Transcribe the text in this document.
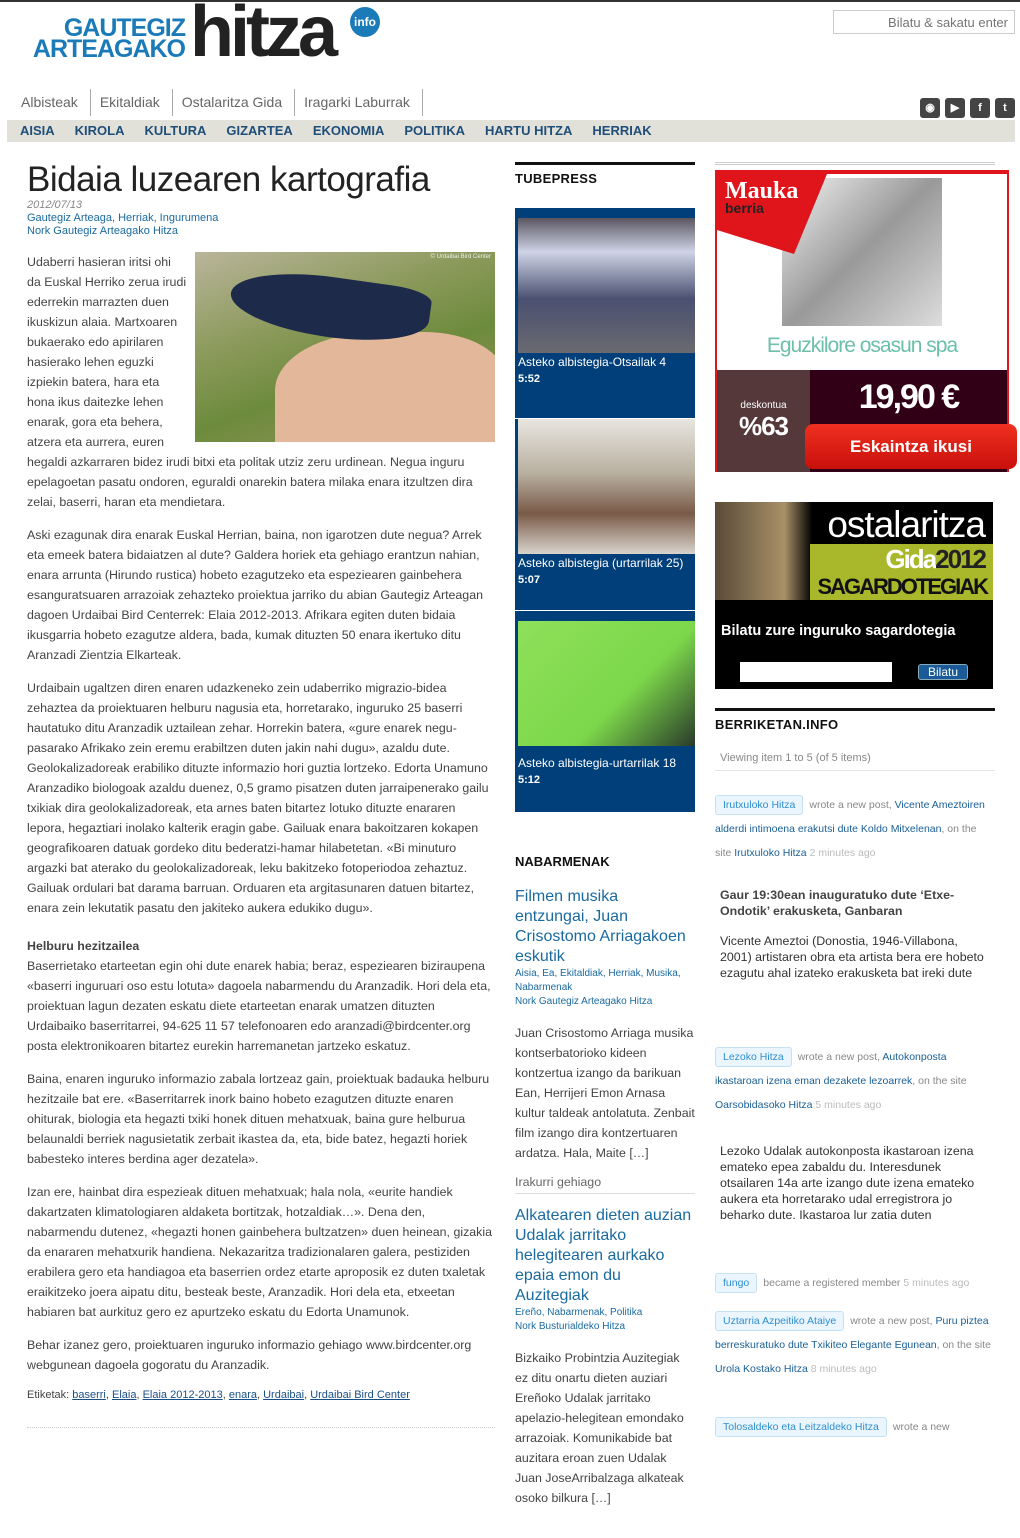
GAUTEGIZ
ARTEAGAKO hitza	info
Bilatu & sakatu enter
Albisteak	Ekitaldiak	Ostalaritza Gida	Iragarki Laburrak	◉	▶	f	t
AISIA KIROLA KULTURA GIZARTEA EKONOMIA POLITIKA HARTU HITZA HERRIAK
Bidaia luzearen kartografia
2012/07/13
Gautegiz Arteaga, Herriak, Ingurumena
Nork Gautegiz Arteagako Hitza
© Urdaibai Bird Center

Udaberri hasieran iritsi ohi da Euskal Herriko zerua irudi ederrekin marrazten duen ikuskizun alaia. Martxoaren bukaerako edo apirilaren hasierako lehen eguzki izpiekin batera, hara eta hona ikus daitezke lehen enarak, gora eta behera, atzera eta aurrera, euren hegaldi azkarraren bidez irudi bitxi eta politak utziz zeru urdinean. Negua inguru epelagoetan pasatu ondoren, eguraldi onarekin batera milaka enara itzultzen dira zelai, baserri, haran eta mendietara.

Aski ezagunak dira enarak Euskal Herrian, baina, non igarotzen dute negua? Arrek eta emeek batera bidaiatzen al dute? Galdera horiek eta gehiago erantzun nahian, enara arrunta (Hirundo rustica) hobeto ezagutzeko eta espeziearen gainbehera esanguratsuaren arrazoiak zehazteko proiektua jarriko du abian Gautegiz Arteagan dagoen Urdaibai Bird Centerrek: Elaia 2012-2013. Afrikara egiten duten bidaia ikusgarria hobeto ezagutze aldera, bada, kumak dituzten 50 enara ikertuko ditu Aranzadi Zientzia Elkarteak.

Urdaibain ugaltzen diren enaren udazkeneko zein udaberriko migrazio-bidea zehaztea da proiektuaren helburu nagusia eta, horretarako, inguruko 25 baserri hautatuko ditu Aranzadik uztailean zehar. Horrekin batera, «gure enarek negu-pasarako Afrikako zein eremu erabiltzen duten jakin nahi dugu», azaldu dute. Geolokalizadoreak erabiliko dituzte informazio hori guztia lortzeko. Edorta Unamuno Aranzadiko biologoak azaldu duenez, 0,5 gramo pisatzen duten jarraipenerako gailu txikiak dira geolokalizadoreak, eta arnes baten bitartez lotuko dituzte enararen lepora, hegaztiari inolako kalterik eragin gabe. Gailuak enara bakoitzaren kokapen geografikoaren datuak gordeko ditu bederatzi-hamar hilabetetan. «Bi minuturo argazki bat aterako du geolokalizadoreak, leku bakitzeko fotoperiodoa zehaztuz. Gailuak ordulari bat darama barruan. Orduaren eta argitasunaren datuen bitartez, enara zein lekutatik pasatu den jakiteko aukera edukiko dugu».

Helburu hezitzailea

Baserrietako etarteetan egin ohi dute enarek habia; beraz, espeziearen biziraupena «baserri inguruari oso estu lotuta» dagoela nabarmendu du Aranzadik. Hori dela eta, proiektuan lagun dezaten eskatu diete etarteetan enarak umatzen dituzten Urdaibaiko baserritarrei, 94-625 11 57 telefonoaren edo aranzadi@birdcenter.org posta elektronikoaren bitartez eurekin harremanetan jartzeko eskatuz.

Baina, enaren inguruko informazio zabala lortzeaz gain, proiektuak badauka helburu hezitzaile bat ere. «Baserritarrek inork baino hobeto ezagutzen dituzte enaren ohiturak, biologia eta hegazti txiki honek dituen mehatxuak, baina gure helburua belaunaldi berriek nagusietatik zerbait ikastea da, eta, bide batez, hegazti horiek babesteko interes berdina ager dezatela».

Izan ere, hainbat dira espezieak dituen mehatxuak; hala nola, «eurite handiek dakartzaten klimatologiaren aldaketa bortitzak, hotzaldiak…». Dena den, nabarmendu dutenez, «hegazti honen gainbehera bultzatzen» duen heinean, gizakia da enararen mehatxurik handiena. Nekazaritza tradizionalaren galera, pestiziden erabilera gero eta handiagoa eta baserrien ordez etarte aproposik ez duten txaletak eraikitzeko joera aipatu ditu, besteak beste, Aranzadik. Hori dela eta, etxeetan habiaren bat aurkituz gero ez apurtzeko eskatu du Edorta Unamunok.

Behar izanez gero, proiektuaren inguruko informazio gehiago www.birdcenter.org webgunean dagoela gogoratu du Aranzadik.

Etiketak: baserri, Elaia, Elaia 2012-2013, enara, Urdaibai, Urdaibai Bird Center
TUBEPRESS
Asteko albistegia-Otsailak 4
5:52
Asteko albistegia (urtarrilak 25)
5:07
Asteko albistegia-urtarrilak 18
5:12
NABARMENAK
Filmen musika entzungai, Juan Crisostomo Arriagakoen eskutik
Aisia, Ea, Ekitaldiak, Herriak, Musika, Nabarmenak
Nork Gautegiz Arteagako Hitza

Juan Crisostomo Arriaga musika kontserbatorioko kideen kontzertua izango da barikuan Ean, Herrijeri Emon Arnasa kultur taldeak antolatuta. Zenbait film izango dira kontzertuaren ardatza. Hala, Maite […]

Irakurri gehiago
Alkatearen dieten auzian Udalak jarritako helegitearen aurkako epaia emon du Auzitegiak
Ereño, Nabarmenak, Politika
Nork Busturialdeko Hitza

Bizkaiko Probintzia Auzitegiak ez ditu onartu dieten auziari Ereñoko Udalak jarritako apelazio-helegitean emondako arrazoiak. Komunikabide bat auzitara eroan zuen Udalak Juan JoseArribalzaga alkateak osoko bilkura […]

Mauka
berria
Eguzkilore osasun spa
deskontua
%63
19,90 €
Eskaintza ikusi
ostalaritza
Gida2012
SAGARDOTEGIAK
Bilatu zure inguruko sagardotegia
Bilatu
BERRIKETAN.INFO
Viewing item 1 to 5 (of 5 items)
Irutxuloko Hitza wrote a new post, Vicente Ameztoiren alderdi intimoena erakutsi dute Koldo Mitxelenan, on the site Irutxuloko Hitza 2 minutes ago
Gaur 19:30ean inauguratuko dute ‘Etxe-Ondotik’ erakusketa, Ganbaran
Vicente Ameztoi (Donostia, 1946-Villabona, 2001) artistaren obra eta artista bera ere hobeto ezagutu ahal izateko erakusketa bat ireki dute
Lezoko Hitza wrote a new post, Autokonposta ikastaroan izena eman dezakete lezoarrek, on the site Oarsobidasoko Hitza 5 minutes ago
Lezoko Udalak autokonposta ikastaroan izena emateko epea zabaldu du. Interesdunek otsailaren 14a arte izango dute izena emateko aukera eta horretarako udal erregistrora jo beharko dute. Ikastaroa lur zatia duten
fungo became a registered member 5 minutes ago
Uztarria Azpeitiko Ataiye wrote a new post, Puru piztea berreskuratuko dute Txikiteo Elegante Egunean, on the site Urola Kostako Hitza 8 minutes ago
Tolosaldeko eta Leitzaldeko Hitza wrote a new
